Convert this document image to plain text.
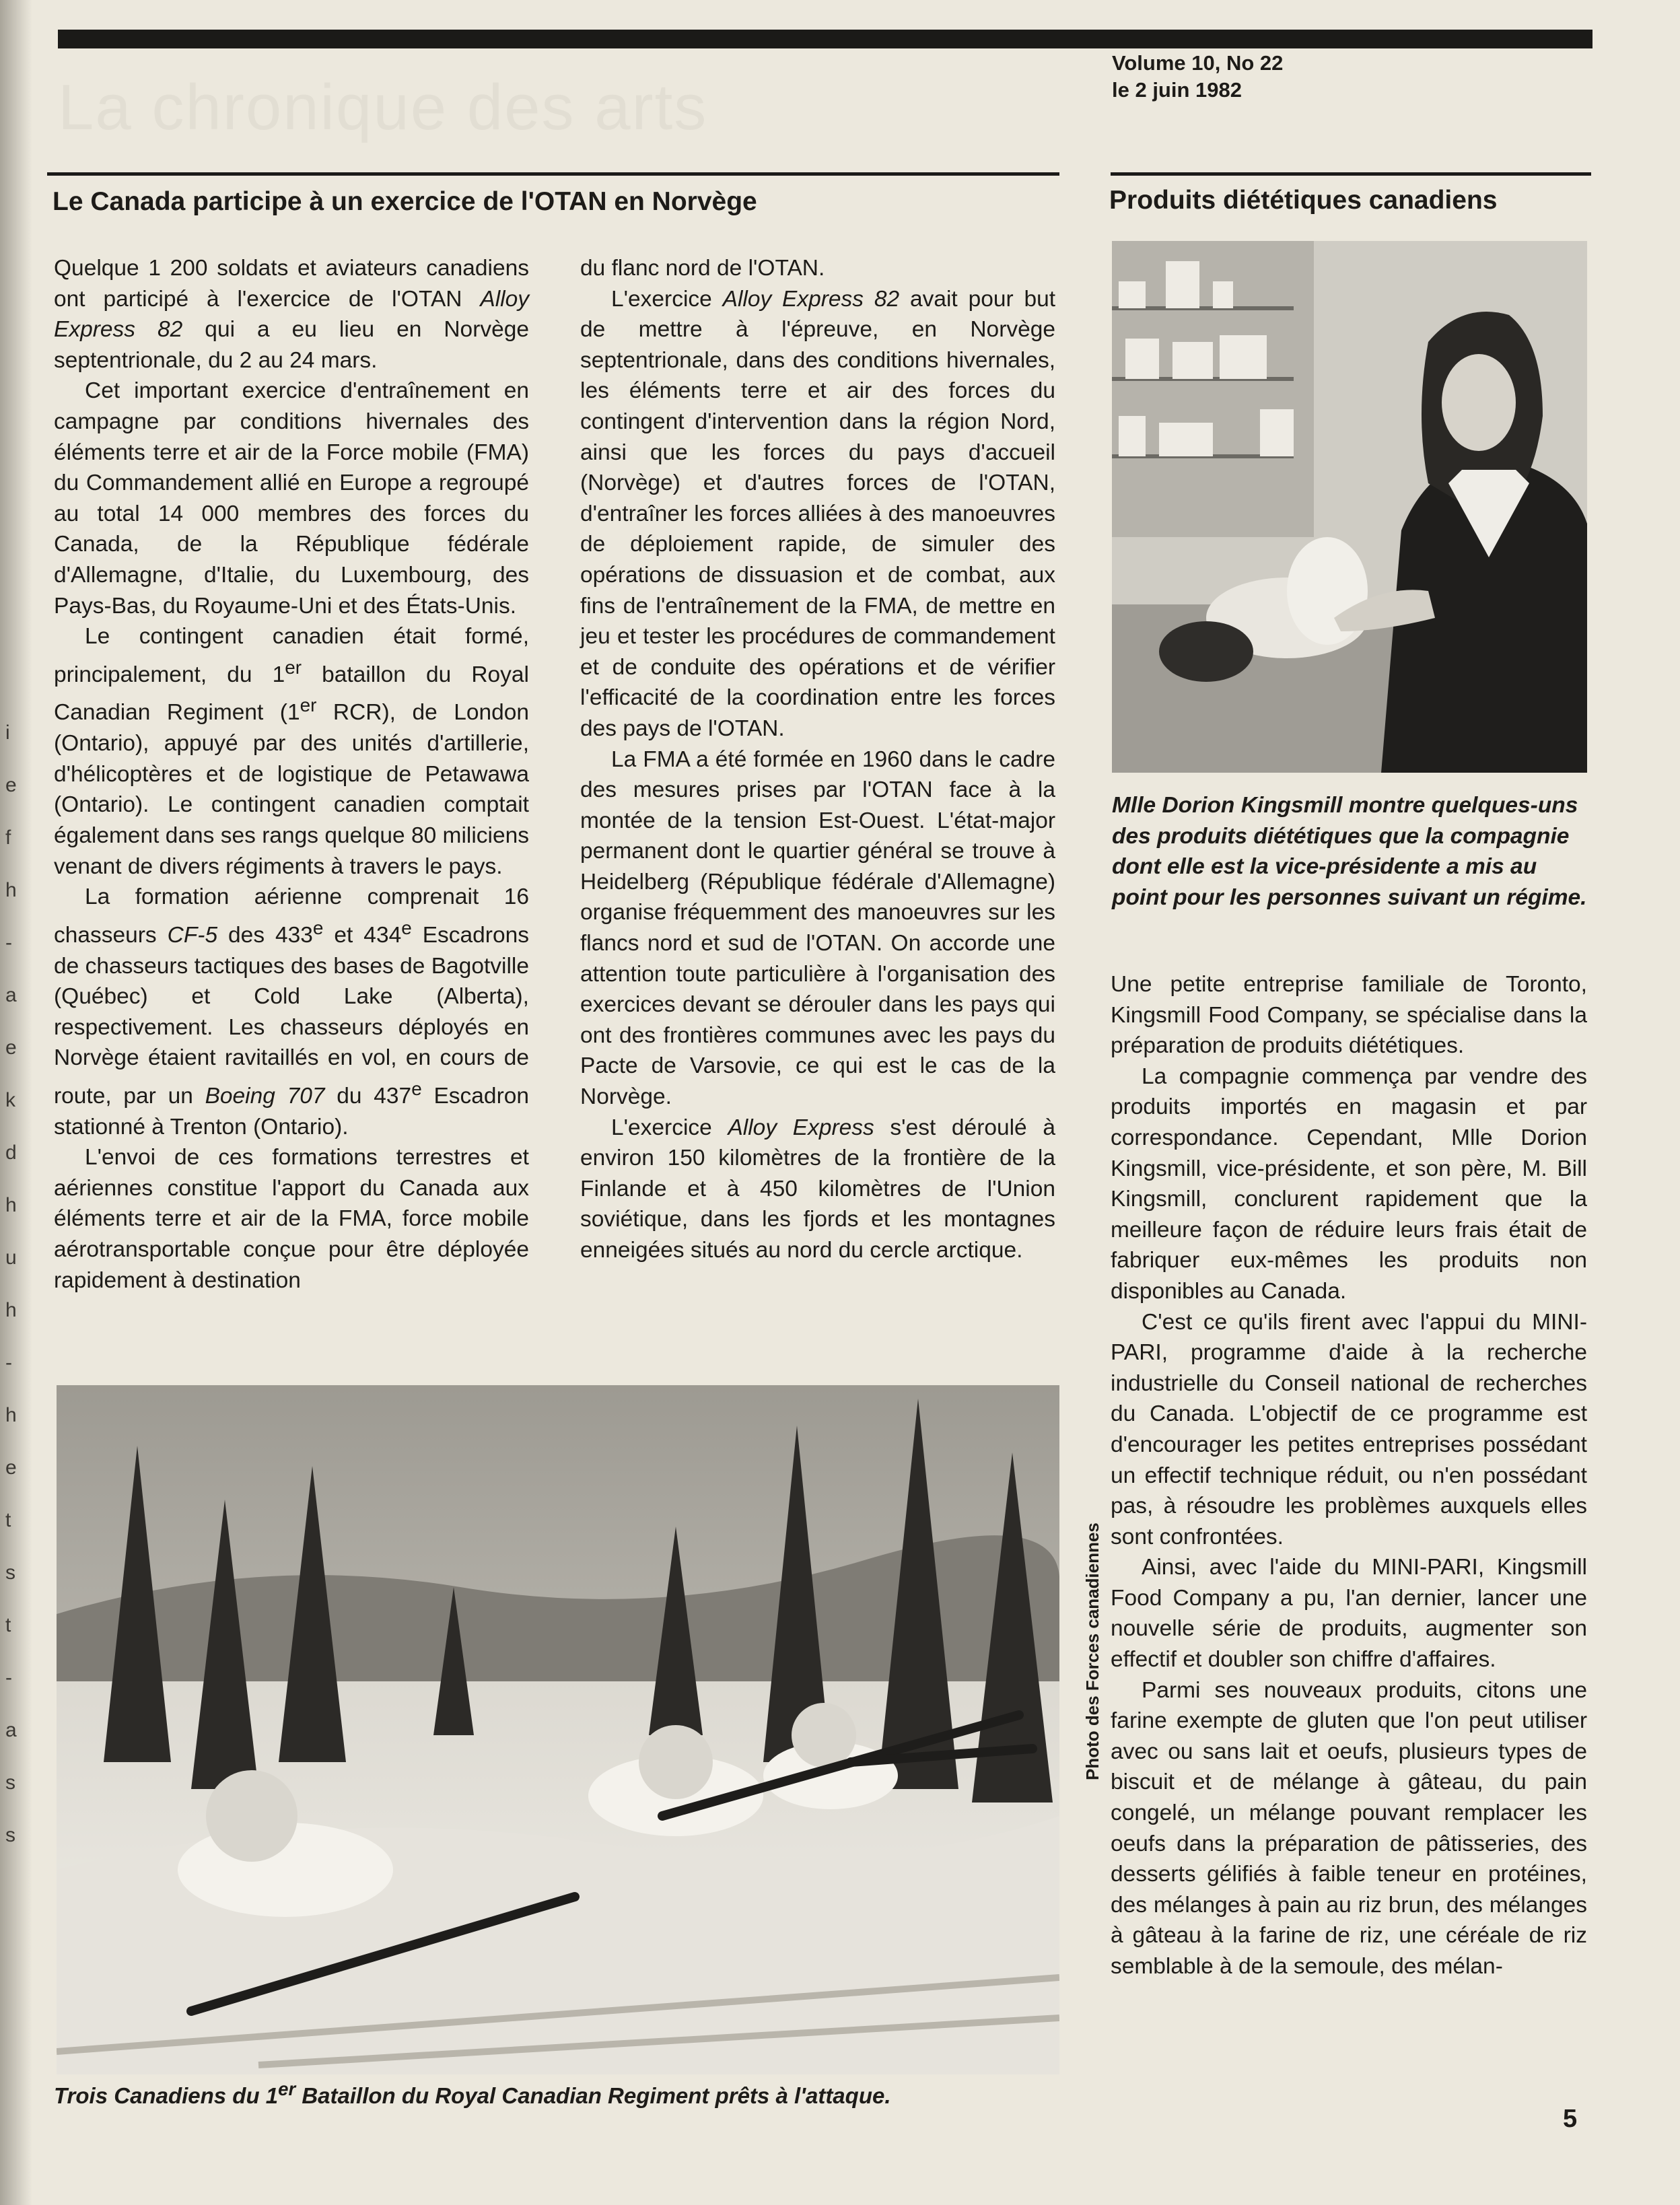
i
e
f
h
-
a
e
k
d
h
u
h
-
h
e
t
s
t
-
a
s
s
La chronique des arts
Volume 10, No 22
le 2 juin 1982
Le Canada participe à un exercice de l'OTAN en Norvège

Quelque 1 200 soldats et aviateurs canadiens ont participé à l'exercice de l'OTAN Alloy Express 82 qui a eu lieu en Norvège septentrionale, du 2 au 24 mars.

Cet important exercice d'entraînement en campagne par conditions hivernales des éléments terre et air de la Force mobile (FMA) du Commandement allié en Europe a regroupé au total 14 000 membres des forces du Canada, de la République fédérale d'Allemagne, d'Italie, du Luxembourg, des Pays-Bas, du Royaume-Uni et des États-Unis.

Le contingent canadien était formé, principalement, du 1er bataillon du Royal Canadian Regiment (1er RCR), de London (Ontario), appuyé par des unités d'artillerie, d'hélicoptères et de logistique de Petawawa (Ontario). Le contingent canadien comptait également dans ses rangs quelque 80 miliciens venant de divers régiments à travers le pays.

La formation aérienne comprenait 16 chasseurs CF-5 des 433e et 434e Escadrons de chasseurs tactiques des bases de Bagotville (Québec) et Cold Lake (Alberta), respectivement. Les chasseurs déployés en Norvège étaient ravitaillés en vol, en cours de route, par un Boeing 707 du 437e Escadron stationné à Trenton (Ontario).

L'envoi de ces formations terrestres et aériennes constitue l'apport du Canada aux éléments terre et air de la FMA, force mobile aérotransportable conçue pour être déployée rapidement à destination

du flanc nord de l'OTAN.

L'exercice Alloy Express 82 avait pour but de mettre à l'épreuve, en Norvège septentrionale, dans des conditions hivernales, les éléments terre et air des forces du contingent d'intervention dans la région Nord, ainsi que les forces du pays d'accueil (Norvège) et d'autres forces de l'OTAN, d'entraîner les forces alliées à des manoeuvres de déploiement rapide, de simuler des opérations de dissuasion et de combat, aux fins de l'entraînement de la FMA, de mettre en jeu et tester les procédures de commandement et de conduite des opérations et de vérifier l'efficacité de la coordination entre les forces des pays de l'OTAN.

La FMA a été formée en 1960 dans le cadre des mesures prises par l'OTAN face à la montée de la tension Est-Ouest. L'état-major permanent dont le quartier général se trouve à Heidelberg (République fédérale d'Allemagne) organise fréquemment des manoeuvres sur les flancs nord et sud de l'OTAN. On accorde une attention toute particulière à l'organisation des exercices devant se dérouler dans les pays qui ont des frontières communes avec les pays du Pacte de Varsovie, ce qui est le cas de la Norvège.

L'exercice Alloy Express s'est déroulé à environ 150 kilomètres de la frontière de la Finlande et à 450 kilomètres de l'Union soviétique, dans les fjords et les montagnes enneigées situés au nord du cercle arctique.

Trois Canadiens du 1er Bataillon du Royal Canadian Regiment prêts à l'attaque.
Photo des Forces canadiennes
Produits diététiques canadiens
Mlle Dorion Kingsmill montre quelques-uns des produits diététiques que la compagnie dont elle est la vice-présidente a mis au point pour les personnes suivant un régime.

Une petite entreprise familiale de Toronto, Kingsmill Food Company, se spécialise dans la préparation de produits diététiques.

La compagnie commença par vendre des produits importés en magasin et par correspondance. Cependant, Mlle Dorion Kingsmill, vice-présidente, et son père, M. Bill Kingsmill, conclurent rapidement que la meilleure façon de réduire leurs frais était de fabriquer eux-mêmes les produits non disponibles au Canada.

C'est ce qu'ils firent avec l'appui du MINI-PARI, programme d'aide à la recherche industrielle du Conseil national de recherches du Canada. L'objectif de ce programme est d'encourager les petites entreprises possédant un effectif technique réduit, ou n'en possédant pas, à résoudre les problèmes auxquels elles sont confrontées.

Ainsi, avec l'aide du MINI-PARI, Kingsmill Food Company a pu, l'an dernier, lancer une nouvelle série de produits, augmenter son effectif et doubler son chiffre d'affaires.

Parmi ses nouveaux produits, citons une farine exempte de gluten que l'on peut utiliser avec ou sans lait et oeufs, plusieurs types de biscuit et de mélange à gâteau, du pain congelé, un mélange pouvant remplacer les oeufs dans la préparation de pâtisseries, des desserts gélifiés à faible teneur en protéines, des mélanges à pain au riz brun, des mélanges à gâteau à la farine de riz, une céréale de riz semblable à de la semoule, des mélan-

5
